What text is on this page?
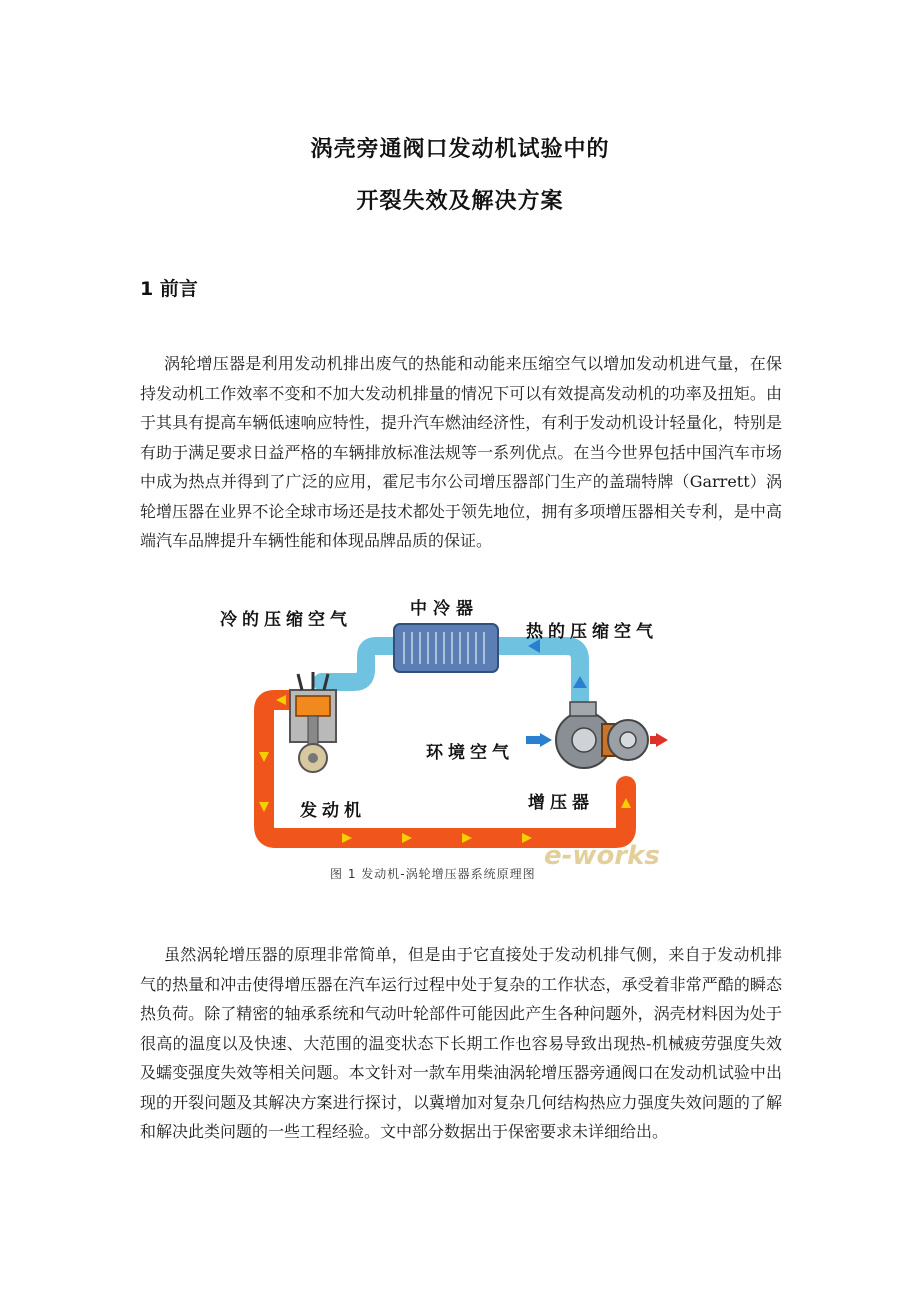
涡壳旁通阀口发动机试验中的
开裂失效及解决方案
1 前言

涡轮增压器是利用发动机排出废气的热能和动能来压缩空气以增加发动机进气量，在保持发动机工作效率不变和不加大发动机排量的情况下可以有效提高发动机的功率及扭矩。由于其具有提高车辆低速响应特性，提升汽车燃油经济性，有利于发动机设计轻量化，特别是有助于满足要求日益严格的车辆排放标准法规等一系列优点。在当今世界包括中国汽车市场中成为热点并得到了广泛的应用，霍尼韦尔公司增压器部门生产的盖瑞特牌（Garrett）涡轮增压器在业界不论全球市场还是技术都处于领先地位，拥有多项增压器相关专利，是中高端汽车品牌提升车辆性能和体现品牌品质的保证。

冷的压缩空气
中冷器
热的压缩空气
环境空气
发动机	增压器
e-works
图 1 发动机-涡轮增压器系统原理图

虽然涡轮增压器的原理非常简单，但是由于它直接处于发动机排气侧，来自于发动机排气的热量和冲击使得增压器在汽车运行过程中处于复杂的工作状态，承受着非常严酷的瞬态热负荷。除了精密的轴承系统和气动叶轮部件可能因此产生各种问题外，涡壳材料因为处于很高的温度以及快速、大范围的温变状态下长期工作也容易导致出现热-机械疲劳强度失效及蠕变强度失效等相关问题。本文针对一款车用柴油涡轮增压器旁通阀口在发动机试验中出现的开裂问题及其解决方案进行探讨，以冀增加对复杂几何结构热应力强度失效问题的了解和解决此类问题的一些工程经验。文中部分数据出于保密要求未详细给出。
